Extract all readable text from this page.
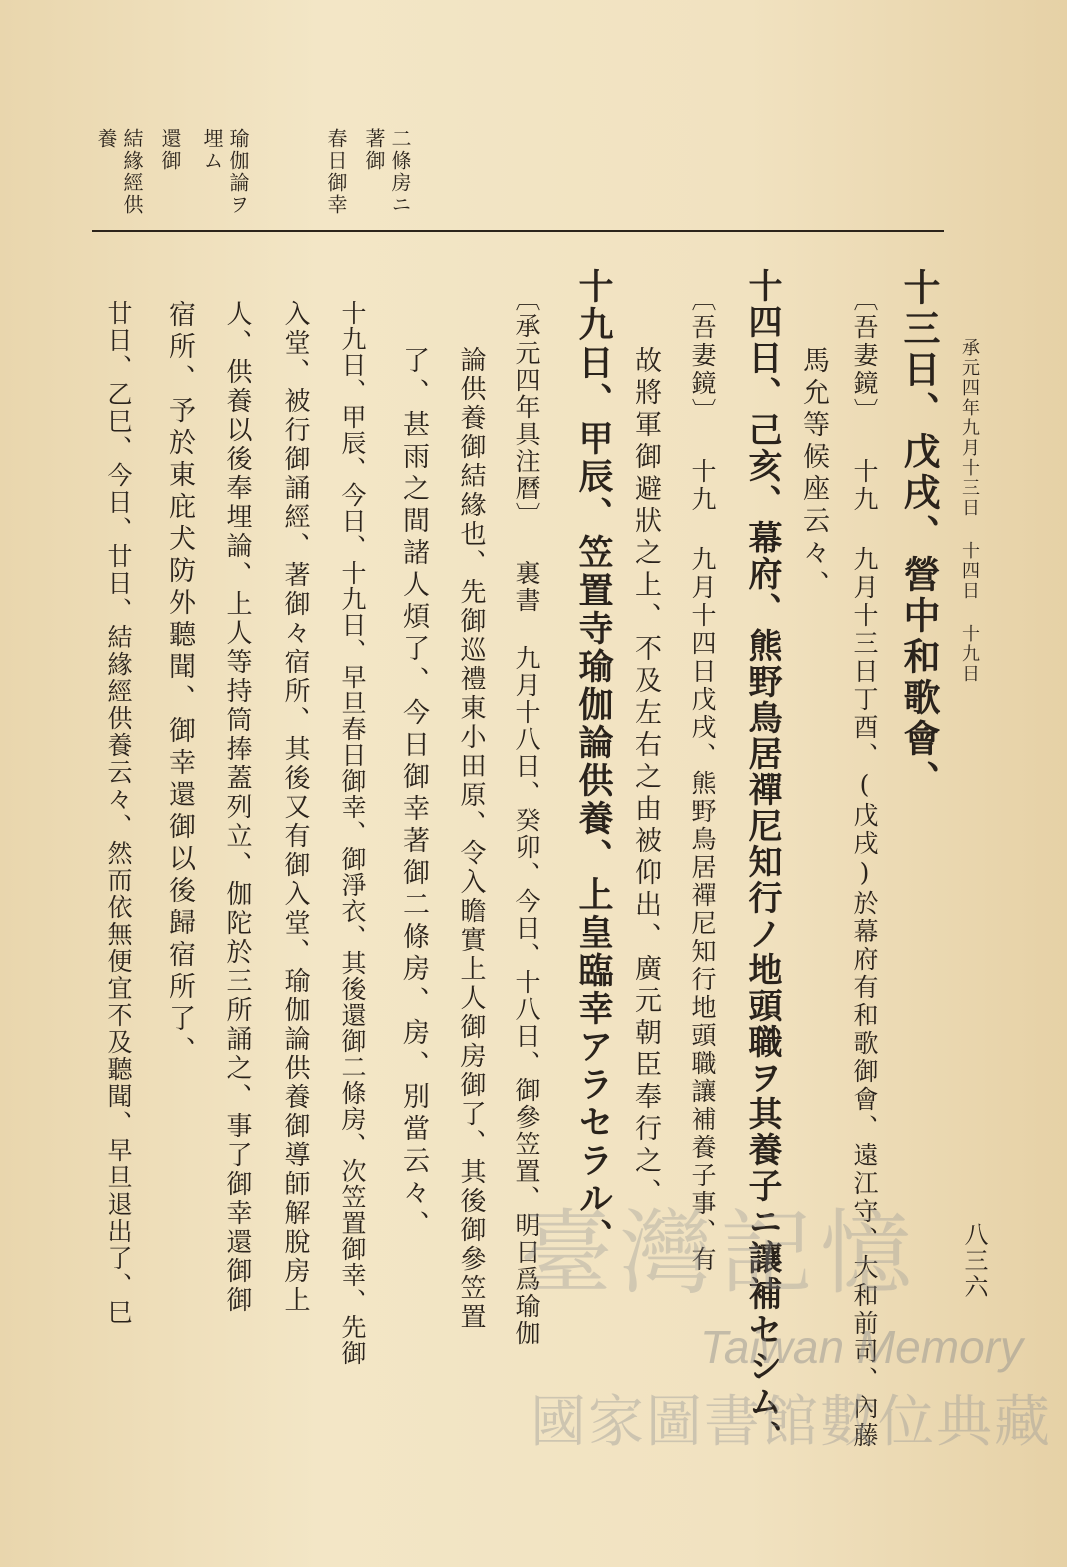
承元四年九月十三日 十四日 十九日
八三六
二條房ニ
著御
春日御幸
瑜伽論ヲ
埋ム
還御
結緣經供
養
十三日、戊戌、營中和歌會、
〔吾妻鏡〕 十九 九月十三日丁酉、(戊戌)於幕府有和歌御會、遠江守、大和前司、內藤
馬允等候座云々、
十四日、己亥、幕府、熊野鳥居禪尼知行ノ地頭職ヲ其養子ニ讓補セシム、
〔吾妻鏡〕 十九 九月十四日戊戌、熊野鳥居禪尼知行地頭職讓補養子事、有
故將軍御避狀之上、不及左右之由被仰出、廣元朝臣奉行之、
十九日、甲辰、笠置寺瑜伽論供養、上皇臨幸アラセラル、
〔承元四年具注曆〕 裏書 九月十八日、癸卯、今日、十八日、御參笠置、明日爲瑜伽
論供養御結緣也、先御巡禮東小田原、令入瞻實上人御房御了、其後御參笠置
了、甚雨之間諸人煩了、今日御幸著御二條房、房、別當云々、
十九日、甲辰、今日、十九日、早旦春日御幸、御淨衣、其後還御二條房、次笠置御幸、先御
入堂、被行御誦經、著御々宿所、其後又有御入堂、瑜伽論供養御導師解脫房上
人、供養以後奉埋論、上人等持筒捧蓋列立、伽陀於三所誦之、事了御幸還御御
宿所、予於東庇犬防外聽聞、御幸還御以後歸宿所了、
廿日、乙巳、今日、廿日、結緣經供養云々、然而依無便宜不及聽聞、早旦退出了、巳	臺灣記憶
Taiwan Memory
國家圖書館數位典藏
